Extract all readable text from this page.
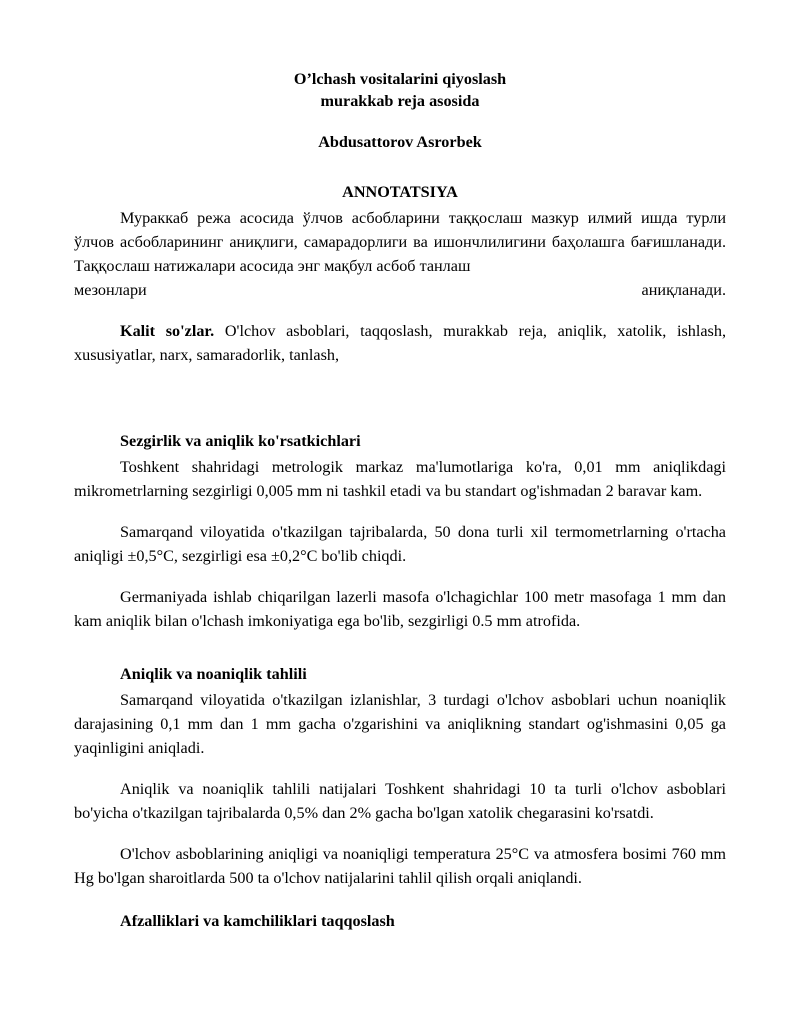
O’lchash vositalarini qiyoslash
murakkab reja asosida
Abdusattorov Asrorbek
ANNOTATSIYA

Мураккаб режа асосида ўлчов асбобларини таққослаш мазкур илмий ишда турли ўлчов асбобларининг аниқлиги, самарадорлиги ва ишончлилигини баҳолашга бағишланади. Таққослаш натижалари асосида энг мақбул асбоб танлаш

мезонлари аниқланади.

Kalit so'zlar. O'lchov asboblari, taqqoslash, murakkab reja, aniqlik, xatolik, ishlash, xususiyatlar, narx, samaradorlik, tanlash,

Sezgirlik va aniqlik ko'rsatkichlari

Toshkent shahridagi metrologik markaz ma'lumotlariga ko'ra, 0,01 mm aniqlikdagi mikrometrlarning sezgirligi 0,005 mm ni tashkil etadi va bu standart og'ishmadan 2 baravar kam.

Samarqand viloyatida o'tkazilgan tajribalarda, 50 dona turli xil termometrlarning o'rtacha aniqligi ±0,5°C, sezgirligi esa ±0,2°C bo'lib chiqdi.

Germaniyada ishlab chiqarilgan lazerli masofa o'lchagichlar 100 metr masofaga 1 mm dan kam aniqlik bilan o'lchash imkoniyatiga ega bo'lib, sezgirligi 0.5 mm atrofida.

Aniqlik va noaniqlik tahlili

Samarqand viloyatida o'tkazilgan izlanishlar, 3 turdagi o'lchov asboblari uchun noaniqlik darajasining 0,1 mm dan 1 mm gacha o'zgarishini va aniqlikning standart og'ishmasini 0,05 ga yaqinligini aniqladi.

Aniqlik va noaniqlik tahlili natijalari Toshkent shahridagi 10 ta turli o'lchov asboblari bo'yicha o'tkazilgan tajribalarda 0,5% dan 2% gacha bo'lgan xatolik chegarasini ko'rsatdi.

O'lchov asboblarining aniqligi va noaniqligi temperatura 25°C va atmosfera bosimi 760 mm Hg bo'lgan sharoitlarda 500 ta o'lchov natijalarini tahlil qilish orqali aniqlandi.

Afzalliklari va kamchiliklari taqqoslash
